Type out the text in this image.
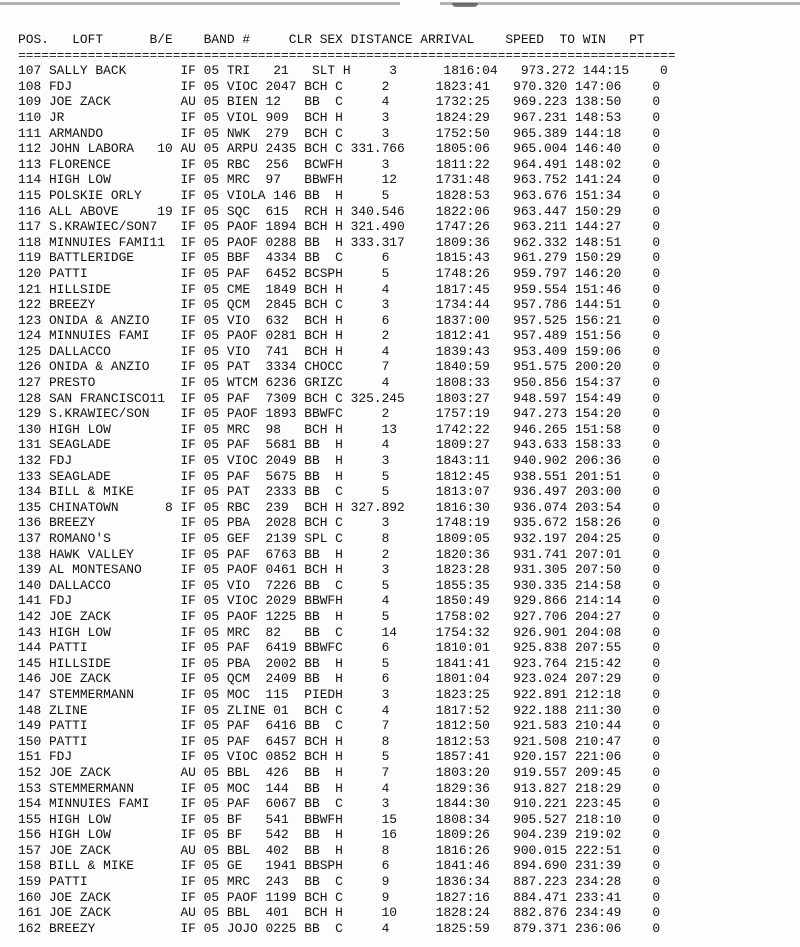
POS.   LOFT      B/E    BAND #     CLR SEX DISTANCE ARRIVAL    SPEED  TO WIN   PT
=====================================================================================

107 SALLY BACK       IF 05 TRI   21   SLT H     3      1816:04   973.272 144:15    0
108 FDJ              IF 05 VIOC 2047 BCH C     2      1823:41   970.320 147:06    0
109 JOE ZACK         AU 05 BIEN 12   BB  C     4      1732:25   969.223 138:50    0
110 JR               IF 05 VIOL 909  BCH H     3      1824:29   967.231 148:53    0
111 ARMANDO          IF 05 NWK  279  BCH C     3      1752:50   965.389 144:18    0
112 JOHN LABORA   10 AU 05 ARPU 2435 BCH C 331.766    1805:06   965.004 146:40    0
113 FLORENCE         IF 05 RBC  256  BCWFH     3      1811:22   964.491 148:02    0
114 HIGH LOW         IF 05 MRC  97   BBWFH     12     1731:48   963.752 141:24    0
115 POLSKIE ORLY     IF 05 VIOLA 146 BB  H     5      1828:53   963.676 151:34    0
116 ALL ABOVE     19 IF 05 SQC  615  RCH H 340.546    1822:06   963.447 150:29    0
117 S.KRAWIEC/SON7   IF 05 PAOF 1894 BCH H 321.490    1747:26   963.211 144:27    0
118 MINNUIES FAMI11  IF 05 PAOF 0288 BB  H 333.317    1809:36   962.332 148:51    0
119 BATTLERIDGE      IF 05 BBF  4334 BB  C     6      1815:43   961.279 150:29    0
120 PATTI            IF 05 PAF  6452 BCSPH     5      1748:26   959.797 146:20    0
121 HILLSIDE         IF 05 CME  1849 BCH H     4      1817:45   959.554 151:46    0
122 BREEZY           IF 05 QCM  2845 BCH C     3      1734:44   957.786 144:51    0
123 ONIDA & ANZIO    IF 05 VIO  632  BCH H     6      1837:00   957.525 156:21    0
124 MINNUIES FAMI    IF 05 PAOF 0281 BCH H     2      1812:41   957.489 151:56    0
125 DALLACCO         IF 05 VIO  741  BCH H     4      1839:43   953.409 159:06    0
126 ONIDA & ANZIO    IF 05 PAT  3334 CHOCC     7      1840:59   951.575 200:20    0
127 PRESTO           IF 05 WTCM 6236 GRIZC     4      1808:33   950.856 154:37    0
128 SAN FRANCISCO11  IF 05 PAF  7309 BCH C 325.245    1803:27   948.597 154:49    0
129 S.KRAWIEC/SON    IF 05 PAOF 1893 BBWFC     2      1757:19   947.273 154:20    0
130 HIGH LOW         IF 05 MRC  98   BCH H     13     1742:22   946.265 151:58    0
131 SEAGLADE         IF 05 PAF  5681 BB  H     4      1809:27   943.633 158:33    0
132 FDJ              IF 05 VIOC 2049 BB  H     3      1843:11   940.902 206:36    0
133 SEAGLADE         IF 05 PAF  5675 BB  H     5      1812:45   938.551 201:51    0
134 BILL & MIKE      IF 05 PAT  2333 BB  C     5      1813:07   936.497 203:00    0
135 CHINATOWN      8 IF 05 RBC  239  BCH H 327.892    1816:30   936.074 203:54    0
136 BREEZY           IF 05 PBA  2028 BCH C     3      1748:19   935.672 158:26    0
137 ROMANO'S         IF 05 GEF  2139 SPL C     8      1809:05   932.197 204:25    0
138 HAWK VALLEY      IF 05 PAF  6763 BB  H     2      1820:36   931.741 207:01    0
139 AL MONTESANO     IF 05 PAOF 0461 BCH H     3      1823:28   931.305 207:50    0
140 DALLACCO         IF 05 VIO  7226 BB  C     5      1855:35   930.335 214:58    0
141 FDJ              IF 05 VIOC 2029 BBWFH     4      1850:49   929.866 214:14    0
142 JOE ZACK         IF 05 PAOF 1225 BB  H     5      1758:02   927.706 204:27    0
143 HIGH LOW         IF 05 MRC  82   BB  C     14     1754:32   926.901 204:08    0
144 PATTI            IF 05 PAF  6419 BBWFC     6      1810:01   925.838 207:55    0
145 HILLSIDE         IF 05 PBA  2002 BB  H     5      1841:41   923.764 215:42    0
146 JOE ZACK         IF 05 QCM  2409 BB  H     6      1801:04   923.024 207:29    0
147 STEMMERMANN      IF 05 MOC  115  PIEDH     3      1823:25   922.891 212:18    0
148 ZLINE            IF 05 ZLINE 01  BCH C     4      1817:52   922.188 211:30    0
149 PATTI            IF 05 PAF  6416 BB  C     7      1812:50   921.583 210:44    0
150 PATTI            IF 05 PAF  6457 BCH H     8      1812:53   921.508 210:47    0
151 FDJ              IF 05 VIOC 0852 BCH H     5      1857:41   920.157 221:06    0
152 JOE ZACK         AU 05 BBL  426  BB  H     7      1803:20   919.557 209:45    0
153 STEMMERMANN      IF 05 MOC  144  BB  H     4      1829:36   913.827 218:29    0
154 MINNUIES FAMI    IF 05 PAF  6067 BB  C     3      1844:30   910.221 223:45    0
155 HIGH LOW         IF 05 BF   541  BBWFH     15     1808:34   905.527 218:10    0
156 HIGH LOW         IF 05 BF   542  BB  H     16     1809:26   904.239 219:02    0
157 JOE ZACK         AU 05 BBL  402  BB  H     8      1816:26   900.015 222:51    0
158 BILL & MIKE      IF 05 GE   1941 BBSPH     6      1841:46   894.690 231:39    0
159 PATTI            IF 05 MRC  243  BB  C     9      1836:34   887.223 234:28    0
160 JOE ZACK         IF 05 PAOF 1199 BCH C     9      1827:16   884.471 233:41    0
161 JOE ZACK         AU 05 BBL  401  BCH H     10     1828:24   882.876 234:49    0
162 BREEZY           IF 05 JOJO 0225 BB  C     4      1825:59   879.371 236:06    0
